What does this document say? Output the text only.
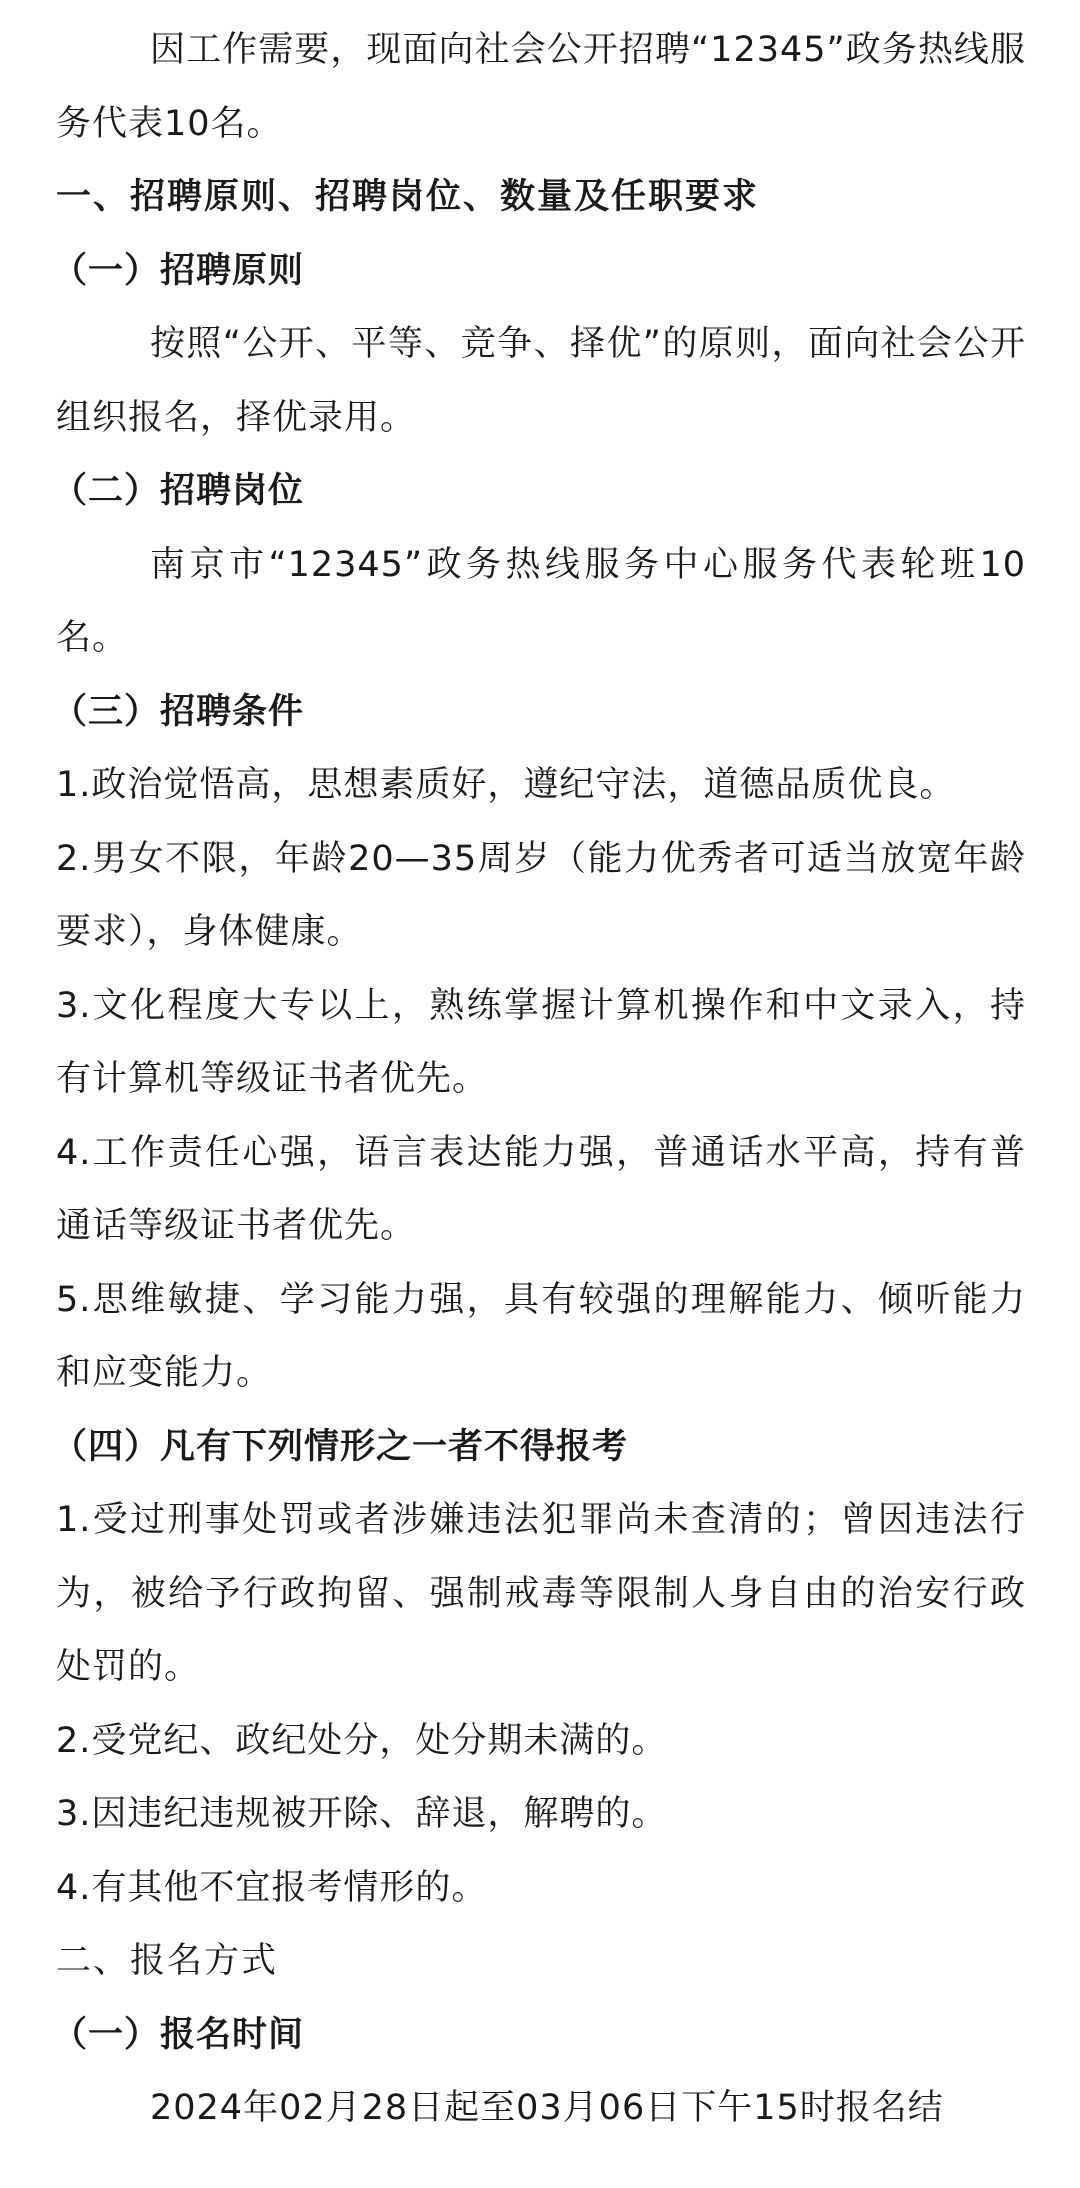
因工作需要，现面向社会公开招聘“12345”政务热线服务代表10名。

一、招聘原则、招聘岗位、数量及任职要求

（一）招聘原则

按照“公开、平等、竞争、择优”的原则，面向社会公开组织报名，择优录用。

（二）招聘岗位

南京市“12345”政务热线服务中心服务代表轮班10名。

（三）招聘条件

1.政治觉悟高，思想素质好，遵纪守法，道德品质优良。

2.男女不限，年龄20—35周岁（能力优秀者可适当放宽年龄要求），身体健康。

3.文化程度大专以上，熟练掌握计算机操作和中文录入，持有计算机等级证书者优先。

4.工作责任心强，语言表达能力强，普通话水平高，持有普通话等级证书者优先。

5.思维敏捷、学习能力强，具有较强的理解能力、倾听能力和应变能力。

（四）凡有下列情形之一者不得报考

1.受过刑事处罚或者涉嫌违法犯罪尚未查清的；曾因违法行为，被给予行政拘留、强制戒毒等限制人身自由的治安行政处罚的。

2.受党纪、政纪处分，处分期未满的。

3.因违纪违规被开除、辞退，解聘的。

4.有其他不宜报考情形的。

二、报名方式

（一）报名时间

2024年02月28日起至03月06日下午15时报名结
